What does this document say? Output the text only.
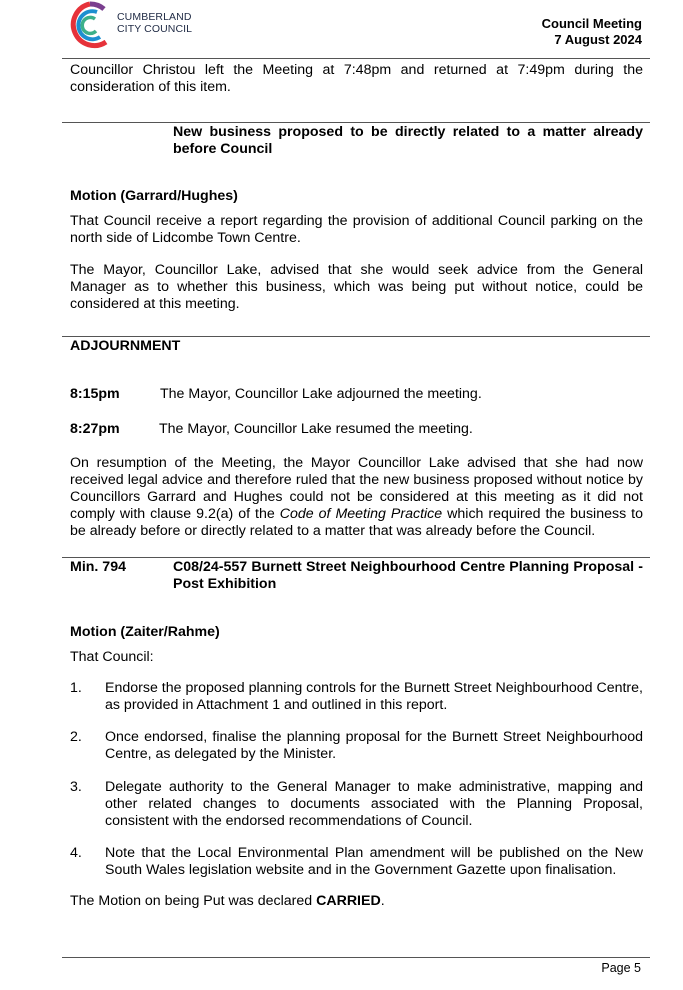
CUMBERLAND
CITY COUNCIL	Council Meeting
7 August 2024
Councillor Christou left the Meeting at 7:48pm and returned at 7:49pm during the consideration of this item.
New business proposed to be directly related to a matter already before Council
Motion (Garrard/Hughes)
That Council receive a report regarding the provision of additional Council parking on the north side of Lidcombe Town Centre.
The Mayor, Councillor Lake, advised that she would seek advice from the General Manager as to whether this business, which was being put without notice, could be considered at this meeting.
ADJOURNMENT
8:15pm	The Mayor, Councillor Lake adjourned the meeting.
8:27pm	The Mayor, Councillor Lake resumed the meeting.
On resumption of the Meeting, the Mayor Councillor Lake advised that she had now received legal advice and therefore ruled that the new business proposed without notice by Councillors Garrard and Hughes could not be considered at this meeting as it did not comply with clause 9.2(a) of the Code of Meeting Practice which required the business to be already before or directly related to a matter that was already before the Council.
Min. 794	C08/24-557 Burnett Street Neighbourhood Centre Planning Proposal - Post Exhibition
Motion (Zaiter/Rahme)
That Council:
1. Endorse the proposed planning controls for the Burnett Street Neighbourhood Centre, as provided in Attachment 1 and outlined in this report.
2. Once endorsed, finalise the planning proposal for the Burnett Street Neighbourhood Centre, as delegated by the Minister.
3. Delegate authority to the General Manager to make administrative, mapping and other related changes to documents associated with the Planning Proposal, consistent with the endorsed recommendations of Council.
4. Note that the Local Environmental Plan amendment will be published on the New South Wales legislation website and in the Government Gazette upon finalisation.
The Motion on being Put was declared CARRIED.
Page 5
